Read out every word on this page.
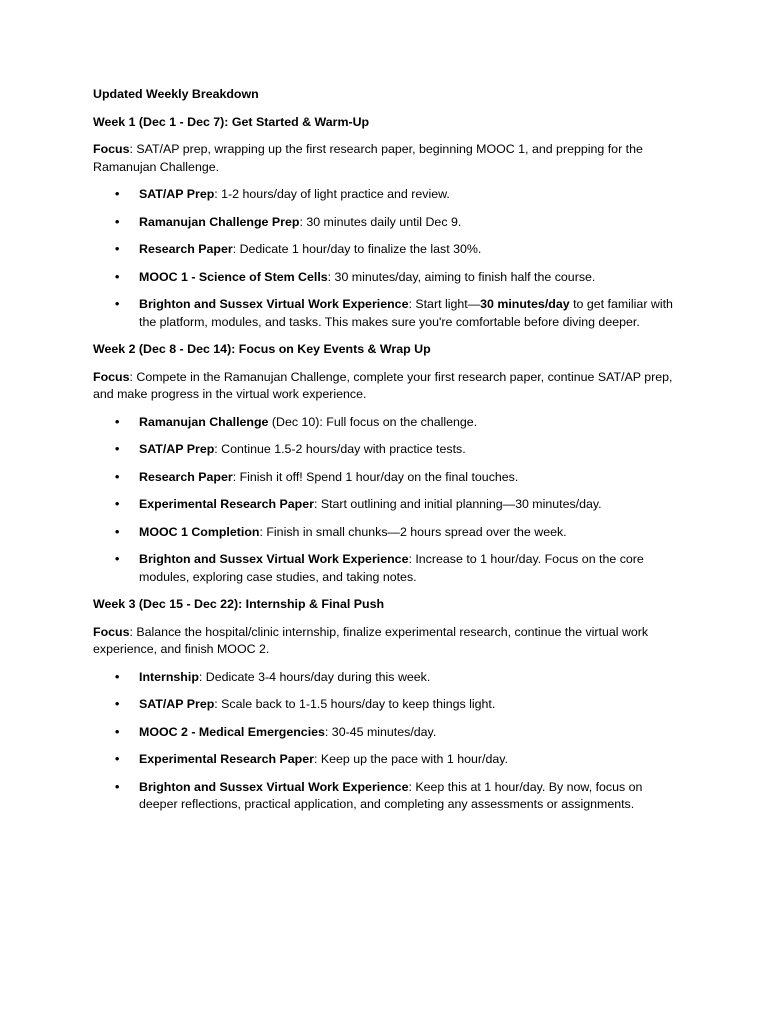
Updated Weekly Breakdown
Week 1 (Dec 1 - Dec 7): Get Started & Warm-Up
Focus: SAT/AP prep, wrapping up the first research paper, beginning MOOC 1, and prepping for the Ramanujan Challenge.
• SAT/AP Prep: 1-2 hours/day of light practice and review.
• Ramanujan Challenge Prep: 30 minutes daily until Dec 9.
• Research Paper: Dedicate 1 hour/day to finalize the last 30%.
• MOOC 1 - Science of Stem Cells: 30 minutes/day, aiming to finish half the course.
• Brighton and Sussex Virtual Work Experience: Start light—30 minutes/day to get familiar with the platform, modules, and tasks. This makes sure you're comfortable before diving deeper.
Week 2 (Dec 8 - Dec 14): Focus on Key Events & Wrap Up
Focus: Compete in the Ramanujan Challenge, complete your first research paper, continue SAT/AP prep, and make progress in the virtual work experience.
• Ramanujan Challenge (Dec 10): Full focus on the challenge.
• SAT/AP Prep: Continue 1.5-2 hours/day with practice tests.
• Research Paper: Finish it off! Spend 1 hour/day on the final touches.
• Experimental Research Paper: Start outlining and initial planning—30 minutes/day.
• MOOC 1 Completion: Finish in small chunks—2 hours spread over the week.
• Brighton and Sussex Virtual Work Experience: Increase to 1 hour/day. Focus on the core modules, exploring case studies, and taking notes.
Week 3 (Dec 15 - Dec 22): Internship & Final Push
Focus: Balance the hospital/clinic internship, finalize experimental research, continue the virtual work experience, and finish MOOC 2.
• Internship: Dedicate 3-4 hours/day during this week.
• SAT/AP Prep: Scale back to 1-1.5 hours/day to keep things light.
• MOOC 2 - Medical Emergencies: 30-45 minutes/day.
• Experimental Research Paper: Keep up the pace with 1 hour/day.
• Brighton and Sussex Virtual Work Experience: Keep this at 1 hour/day. By now, focus on deeper reflections, practical application, and completing any assessments or assignments.
